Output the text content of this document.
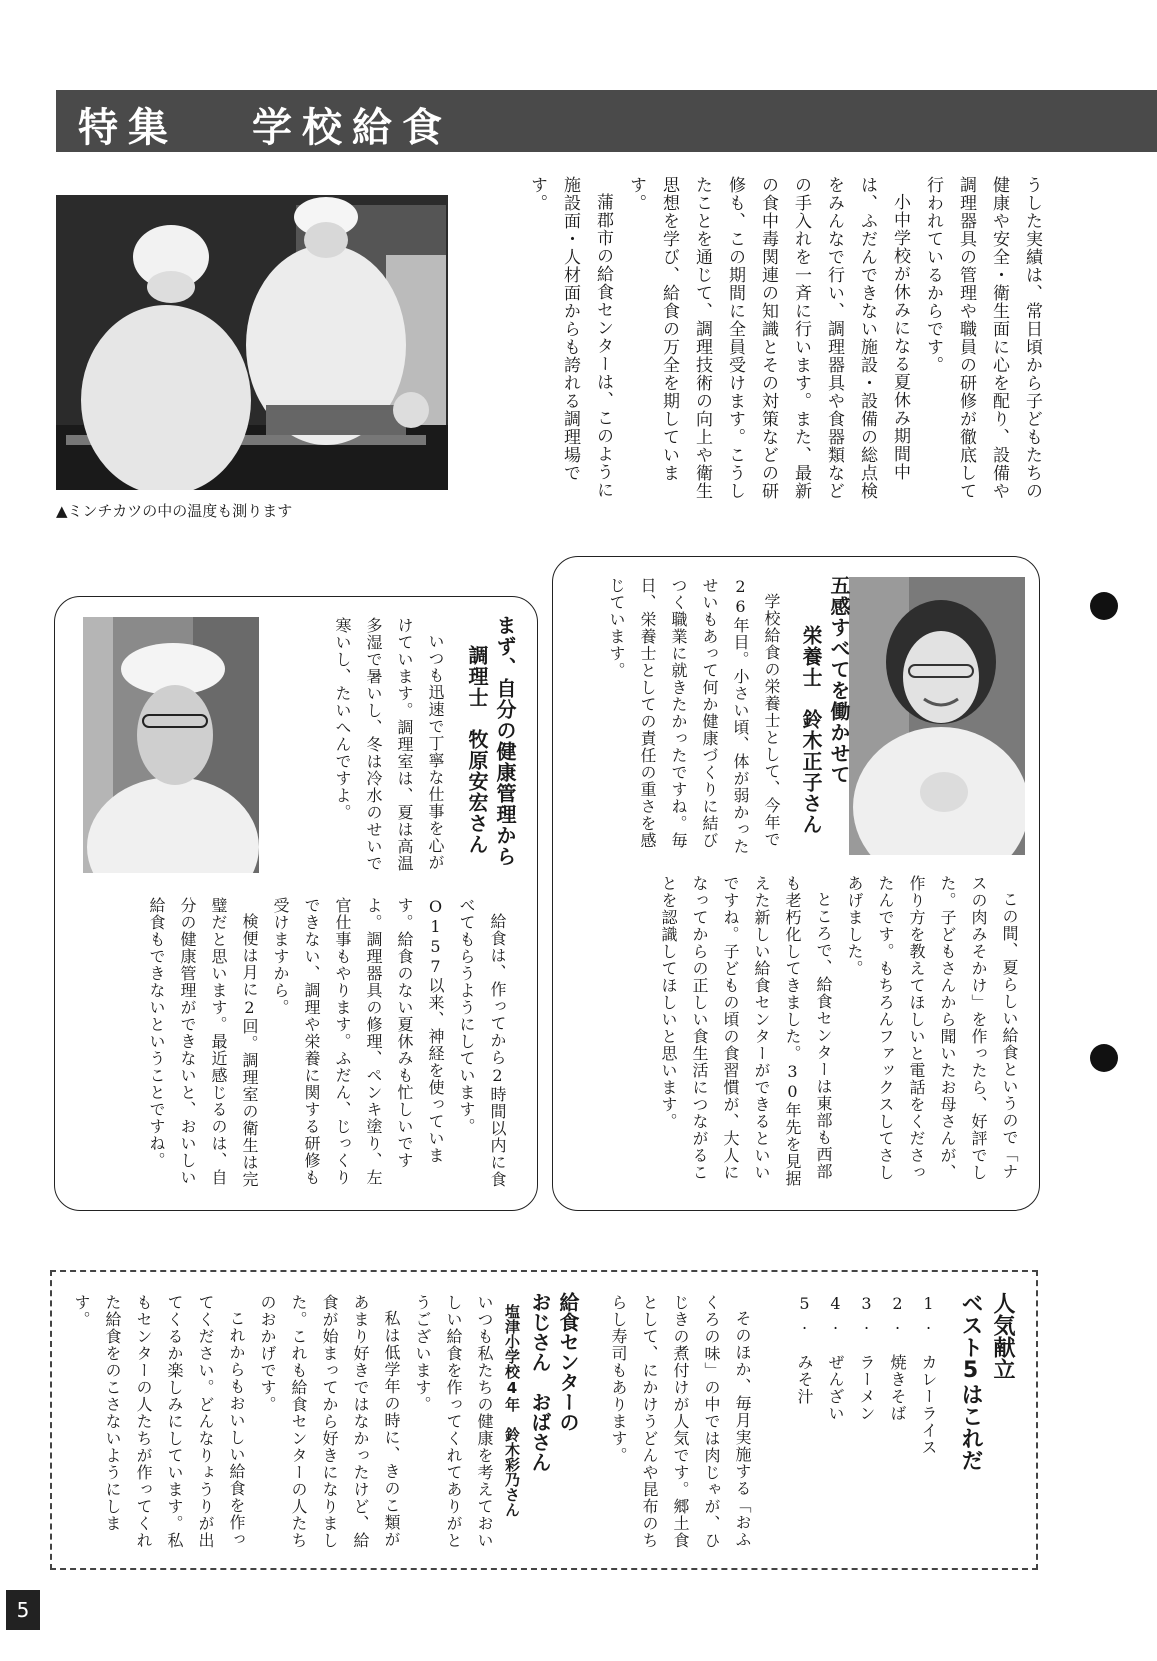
特集 学校給食
▲ミンチカツの中の温度も測ります

うした実績は、常日頃から子どもたちの健康や安全・衛生面に心を配り、設備や調理器具の管理や職員の研修が徹底して行われているからです。

小中学校が休みになる夏休み期間中は、ふだんできない施設・設備の総点検をみんなで行い、調理器具や食器類などの手入れを一斉に行います。また、最新の食中毒関連の知識とその対策などの研修も、この期間に全員受けます。こうしたことを通じて、調理技術の向上や衛生思想を学び、給食の万全を期しています。

蒲郡市の給食センターは、このように施設面・人材面からも誇れる調理場です。

五感すべてを働かせて
栄養士　鈴木正子さん

学校給食の栄養士として、今年で26年目。小さい頃、体が弱かったせいもあって何か健康づくりに結びつく職業に就きたかったですね。毎日、栄養士としての責任の重さを感じています。

この間、夏らしい給食というので「ナスの肉みそかけ」を作ったら、好評でした。子どもさんから聞いたお母さんが、作り方を教えてほしいと電話をくださったんです。もちろんファックスしてさしあげました。

ところで、給食センターは東部も西部も老朽化してきました。30年先を見据えた新しい給食センターができるといいですね。子どもの頃の食習慣が、大人になってからの正しい食生活につながることを認識してほしいと思います。

まず、自分の健康管理から
調理士　牧原安宏さん

いつも迅速で丁寧な仕事を心がけています。調理室は、夏は高温多湿で暑いし、冬は冷水のせいで寒いし、たいへんですよ。

給食は、作ってから2時間以内に食べてもらうようにしています。O157以来、神経を使っています。給食のない夏休みも忙しいですよ。調理器具の修理、ペンキ塗り、左官仕事もやります。ふだん、じっくりできない、調理や栄養に関する研修も受けますから。

検便は月に2回。調理室の衛生は完璧だと思います。最近感じるのは、自分の健康管理ができないと、おいしい給食もできないということですね。

人気献立
ベスト5はこれだ

1. カレーライス

2. 焼きそば

3. ラーメン

4. ぜんざい

5. みそ汁

そのほか、毎月実施する「おふくろの味」の中では肉じゃが、ひじきの煮付けが人気です。郷土食として、にかけうどんや昆布のちらし寿司もあります。

給食センターの
おじさん　おばさん
塩津小学校4年　鈴木彩乃さん

いつも私たちの健康を考えておいしい給食を作ってくれてありがとうございます。

私は低学年の時に、きのこ類があまり好きではなかったけど、給食が始まってから好きになりました。これも給食センターの人たちのおかげです。

これからもおいしい給食を作ってください。どんなりょうりが出てくるか楽しみにしています。私もセンターの人たちが作ってくれた給食をのこさないようにします。

5
